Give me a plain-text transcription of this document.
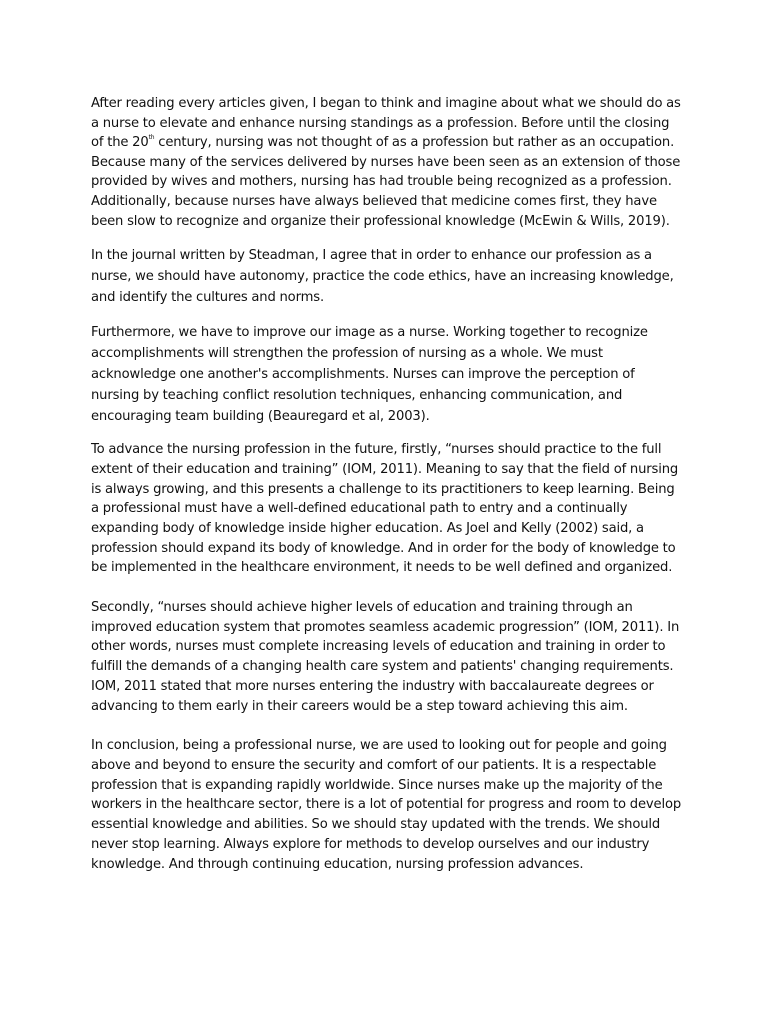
After reading every articles given, I began to think and imagine about what we should do as a nurse to elevate and enhance nursing standings as a profession. Before until the closing of the 20th century, nursing was not thought of as a profession but rather as an occupation. Because many of the services delivered by nurses have been seen as an extension of those provided by wives and mothers, nursing has had trouble being recognized as a profession. Additionally, because nurses have always believed that medicine comes first, they have been slow to recognize and organize their professional knowledge (McEwin & Wills, 2019).

In the journal written by Steadman, I agree that in order to enhance our profession as a nurse, we should have autonomy, practice the code ethics, have an increasing knowledge, and identify the cultures and norms.

Furthermore, we have to improve our image as a nurse. Working together to recognize accomplishments will strengthen the profession of nursing as a whole. We must acknowledge one another's accomplishments. Nurses can improve the perception of nursing by teaching conflict resolution techniques, enhancing communication, and encouraging team building (Beauregard et al, 2003).

To advance the nursing profession in the future, firstly, “nurses should practice to the full extent of their education and training” (IOM, 2011). Meaning to say that the field of nursing is always growing, and this presents a challenge to its practitioners to keep learning. Being a professional must have a well-defined educational path to entry and a continually expanding body of knowledge inside higher education. As Joel and Kelly (2002) said, a profession should expand its body of knowledge. And in order for the body of knowledge to be implemented in the healthcare environment, it needs to be well defined and organized.

Secondly, “nurses should achieve higher levels of education and training through an improved education system that promotes seamless academic progression” (IOM, 2011). In other words, nurses must complete increasing levels of education and training in order to fulfill the demands of a changing health care system and patients' changing requirements. IOM, 2011 stated that more nurses entering the industry with baccalaureate degrees or advancing to them early in their careers would be a step toward achieving this aim.

In conclusion, being a professional nurse, we are used to looking out for people and going above and beyond to ensure the security and comfort of our patients. It is a respectable profession that is expanding rapidly worldwide. Since nurses make up the majority of the workers in the healthcare sector, there is a lot of potential for progress and room to develop essential knowledge and abilities. So we should stay updated with the trends. We should never stop learning. Always explore for methods to develop ourselves and our industry knowledge. And through continuing education, nursing profession advances.
